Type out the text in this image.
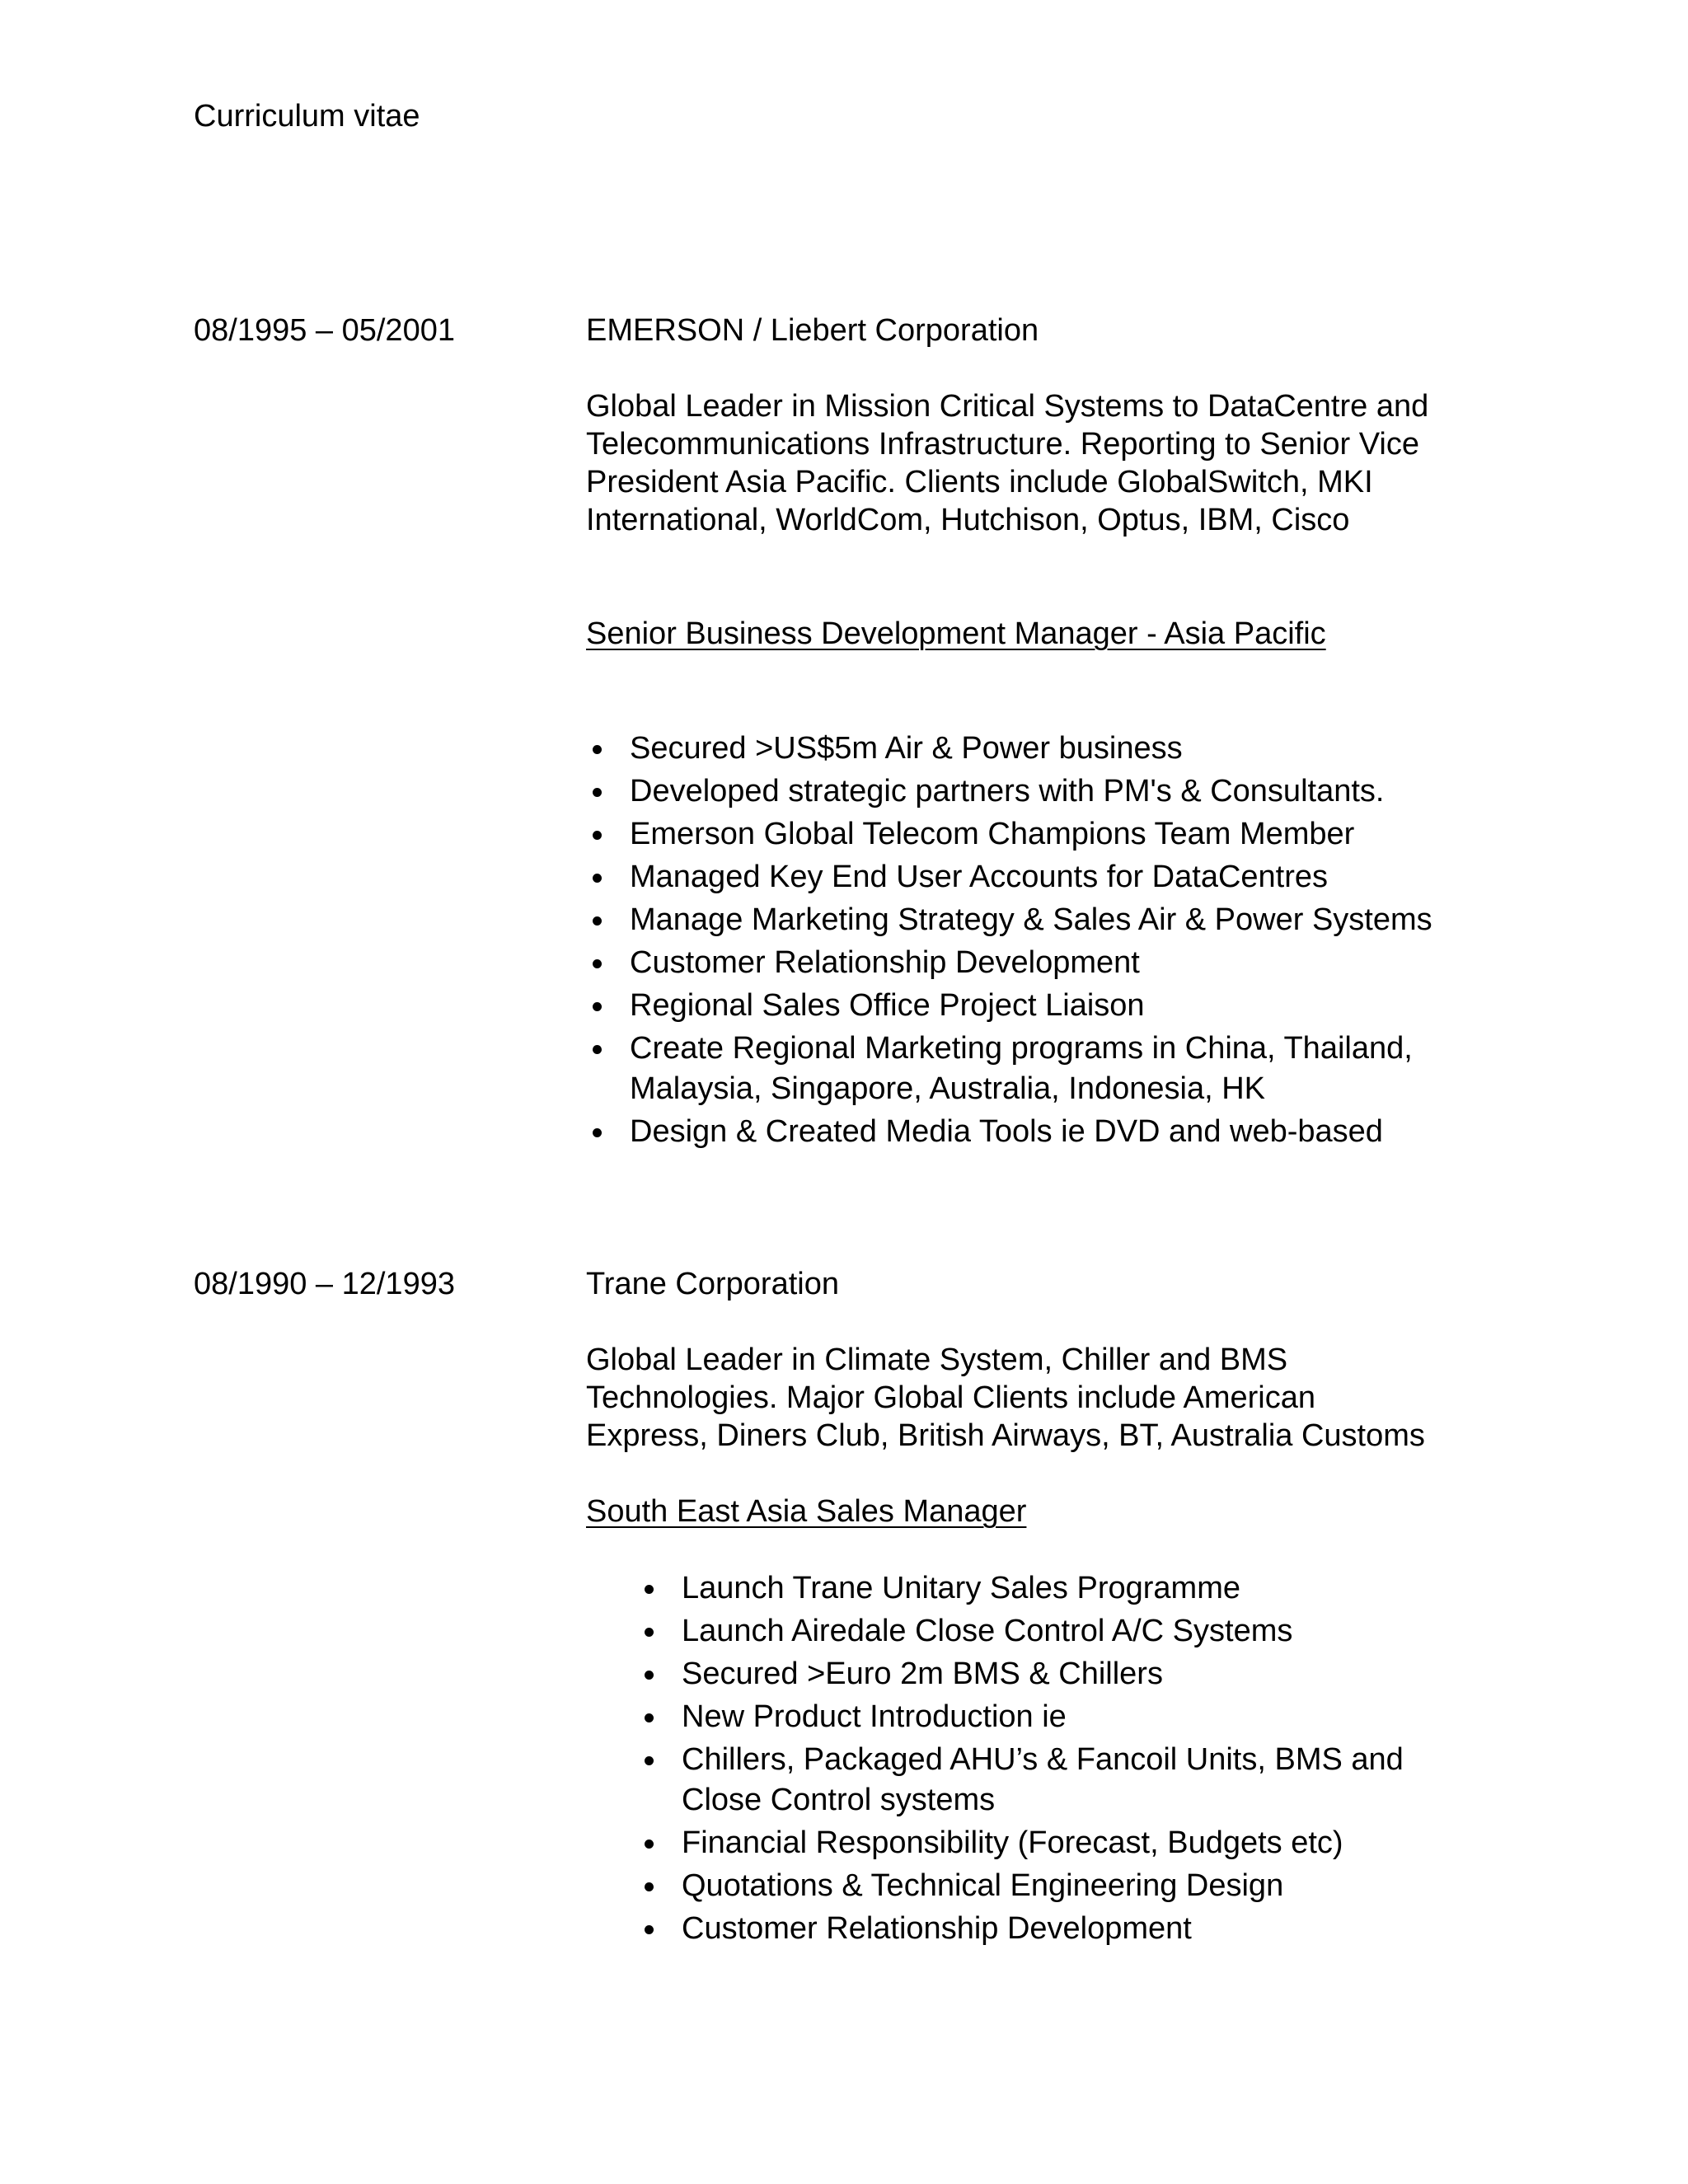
Curriculum vitae

08/1995 – 05/2001	EMERSON / Liebert Corporation

Global Leader in Mission Critical Systems to DataCentre and
Telecommunications Infrastructure. Reporting to Senior Vice
President Asia Pacific. Clients include GlobalSwitch, MKI
International, WorldCom, Hutchison, Optus, IBM, Cisco

Senior Business Development Manager - Asia Pacific
Secured >US$5m Air & Power business
Developed strategic partners with PM's & Consultants.
Emerson Global Telecom Champions Team Member
Managed Key End User Accounts for DataCentres
Manage Marketing Strategy & Sales Air & Power Systems
Customer Relationship Development
Regional Sales Office Project Liaison
Create Regional Marketing programs in China, Thailand,
Malaysia, Singapore, Australia, Indonesia, HK
Design & Created Media Tools ie DVD and web-based

08/1990 – 12/1993	Trane Corporation

Global Leader in Climate System, Chiller and BMS
Technologies. Major Global Clients include American
Express, Diners Club, British Airways, BT, Australia Customs

South East Asia Sales Manager
Launch Trane Unitary Sales Programme
Launch Airedale Close Control A/C Systems
Secured >Euro 2m BMS & Chillers
New Product Introduction ie
Chillers, Packaged AHU’s & Fancoil Units, BMS and
Close Control systems
Financial Responsibility (Forecast, Budgets etc)
Quotations & Technical Engineering Design
Customer Relationship Development
